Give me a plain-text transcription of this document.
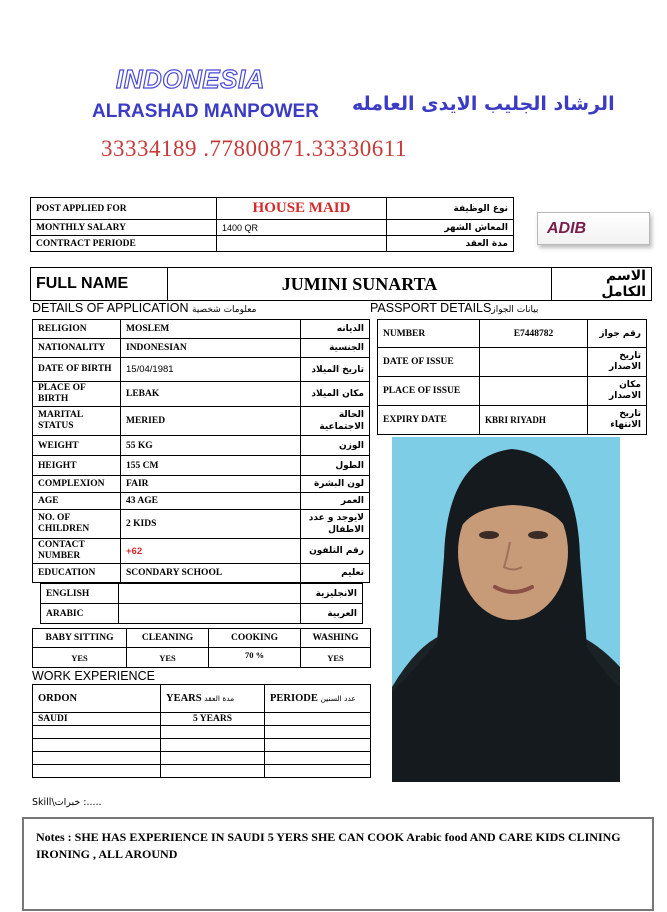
INDONESIA
ALRASHAD MANPOWER الرشاد الجليب الايدى العامله
33334189 .77800871.33330611
POST APPLIED FOR	HOUSE MAID	نوع الوظيفة
MONTHLY SALARY	1400 QR	المعاش الشهر
CONTRACT PERIODE		مدة العقد
ADIB
FULL NAME	JUMINI SUNARTA	الاسم الكامل
DETAILS OF APPLICATION معلومات شخصية	PASSPORT DETAILSبيانات الجواز
RELIGION	MOSLEM	الديانه
NATIONALITY	INDONESIAN	الجنسية
DATE OF BIRTH	15/04/1981	تاريخ الميلاد
PLACE OF BIRTH	LEBAK	مكان الميلاد
MARITAL STATUS	MERIED	الحالة الاجتماعية
WEIGHT	55 KG	الوزن
HEIGHT	155 CM	الطول
COMPLEXION	FAIR	لون البشرة
AGE	43 AGE	العمر
NO. OF CHILDREN	2 KIDS	لايوجد و عدد الاطفال
CONTACT NUMBER	+62	رقم التلفون
EDUCATION	SCONDARY SCHOOL	تعليم
ENGLISH		الانجليزية
ARABIC		العربية
BABY SITTING	CLEANING	COOKING	WASHING
YES	YES	70 %	YES
WORK EXPERIENCE
ORDON	YEARS مدة العقد	PERIODE عدد السنين
SAUDI	5 YEARS	

NUMBER	E7448782	رقم جواز
DATE OF ISSUE		تاريخ الاصدار
PLACE OF ISSUE		مكان الاصدار
EXPIRY DATE	KBRI RIYADH	تاريخ الانتهاء
Skill\خبرات :.....
Notes : SHE HAS EXPERIENCE IN SAUDI 5 YERS SHE CAN COOK Arabic food AND CARE KIDS CLINING IRONING , ALL AROUND
